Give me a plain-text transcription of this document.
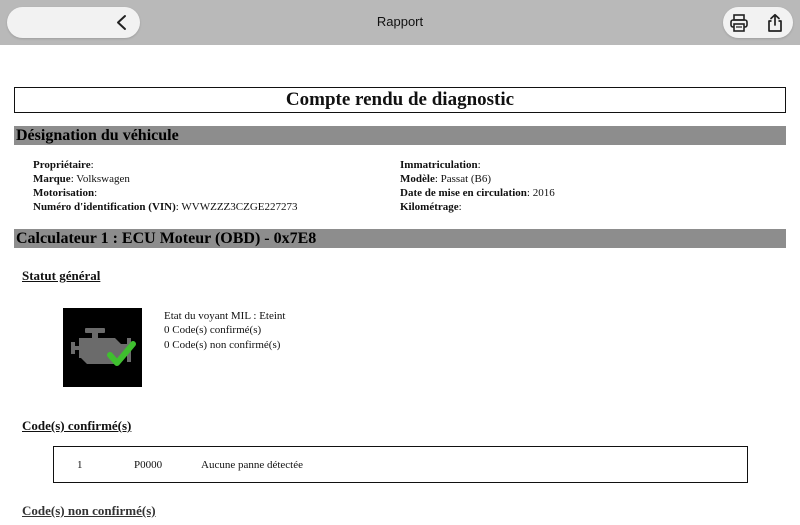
Rapport
Compte rendu de diagnostic
Désignation du véhicule
Propriétaire:
Marque: Volkswagen
Motorisation:
Numéro d'identification (VIN): WVWZZZ3CZGE227273
Immatriculation:
Modèle: Passat (B6)
Date de mise en circulation: 2016
Kilométrage:
Calculateur 1 : ECU Moteur (OBD) - 0x7E8
Statut général
Etat du voyant MIL : Eteint
0 Code(s) confirmé(s)
0 Code(s) non confirmé(s)
Code(s) confirmé(s)
1	P0000	Aucune panne détectée
Code(s) non confirmé(s)
